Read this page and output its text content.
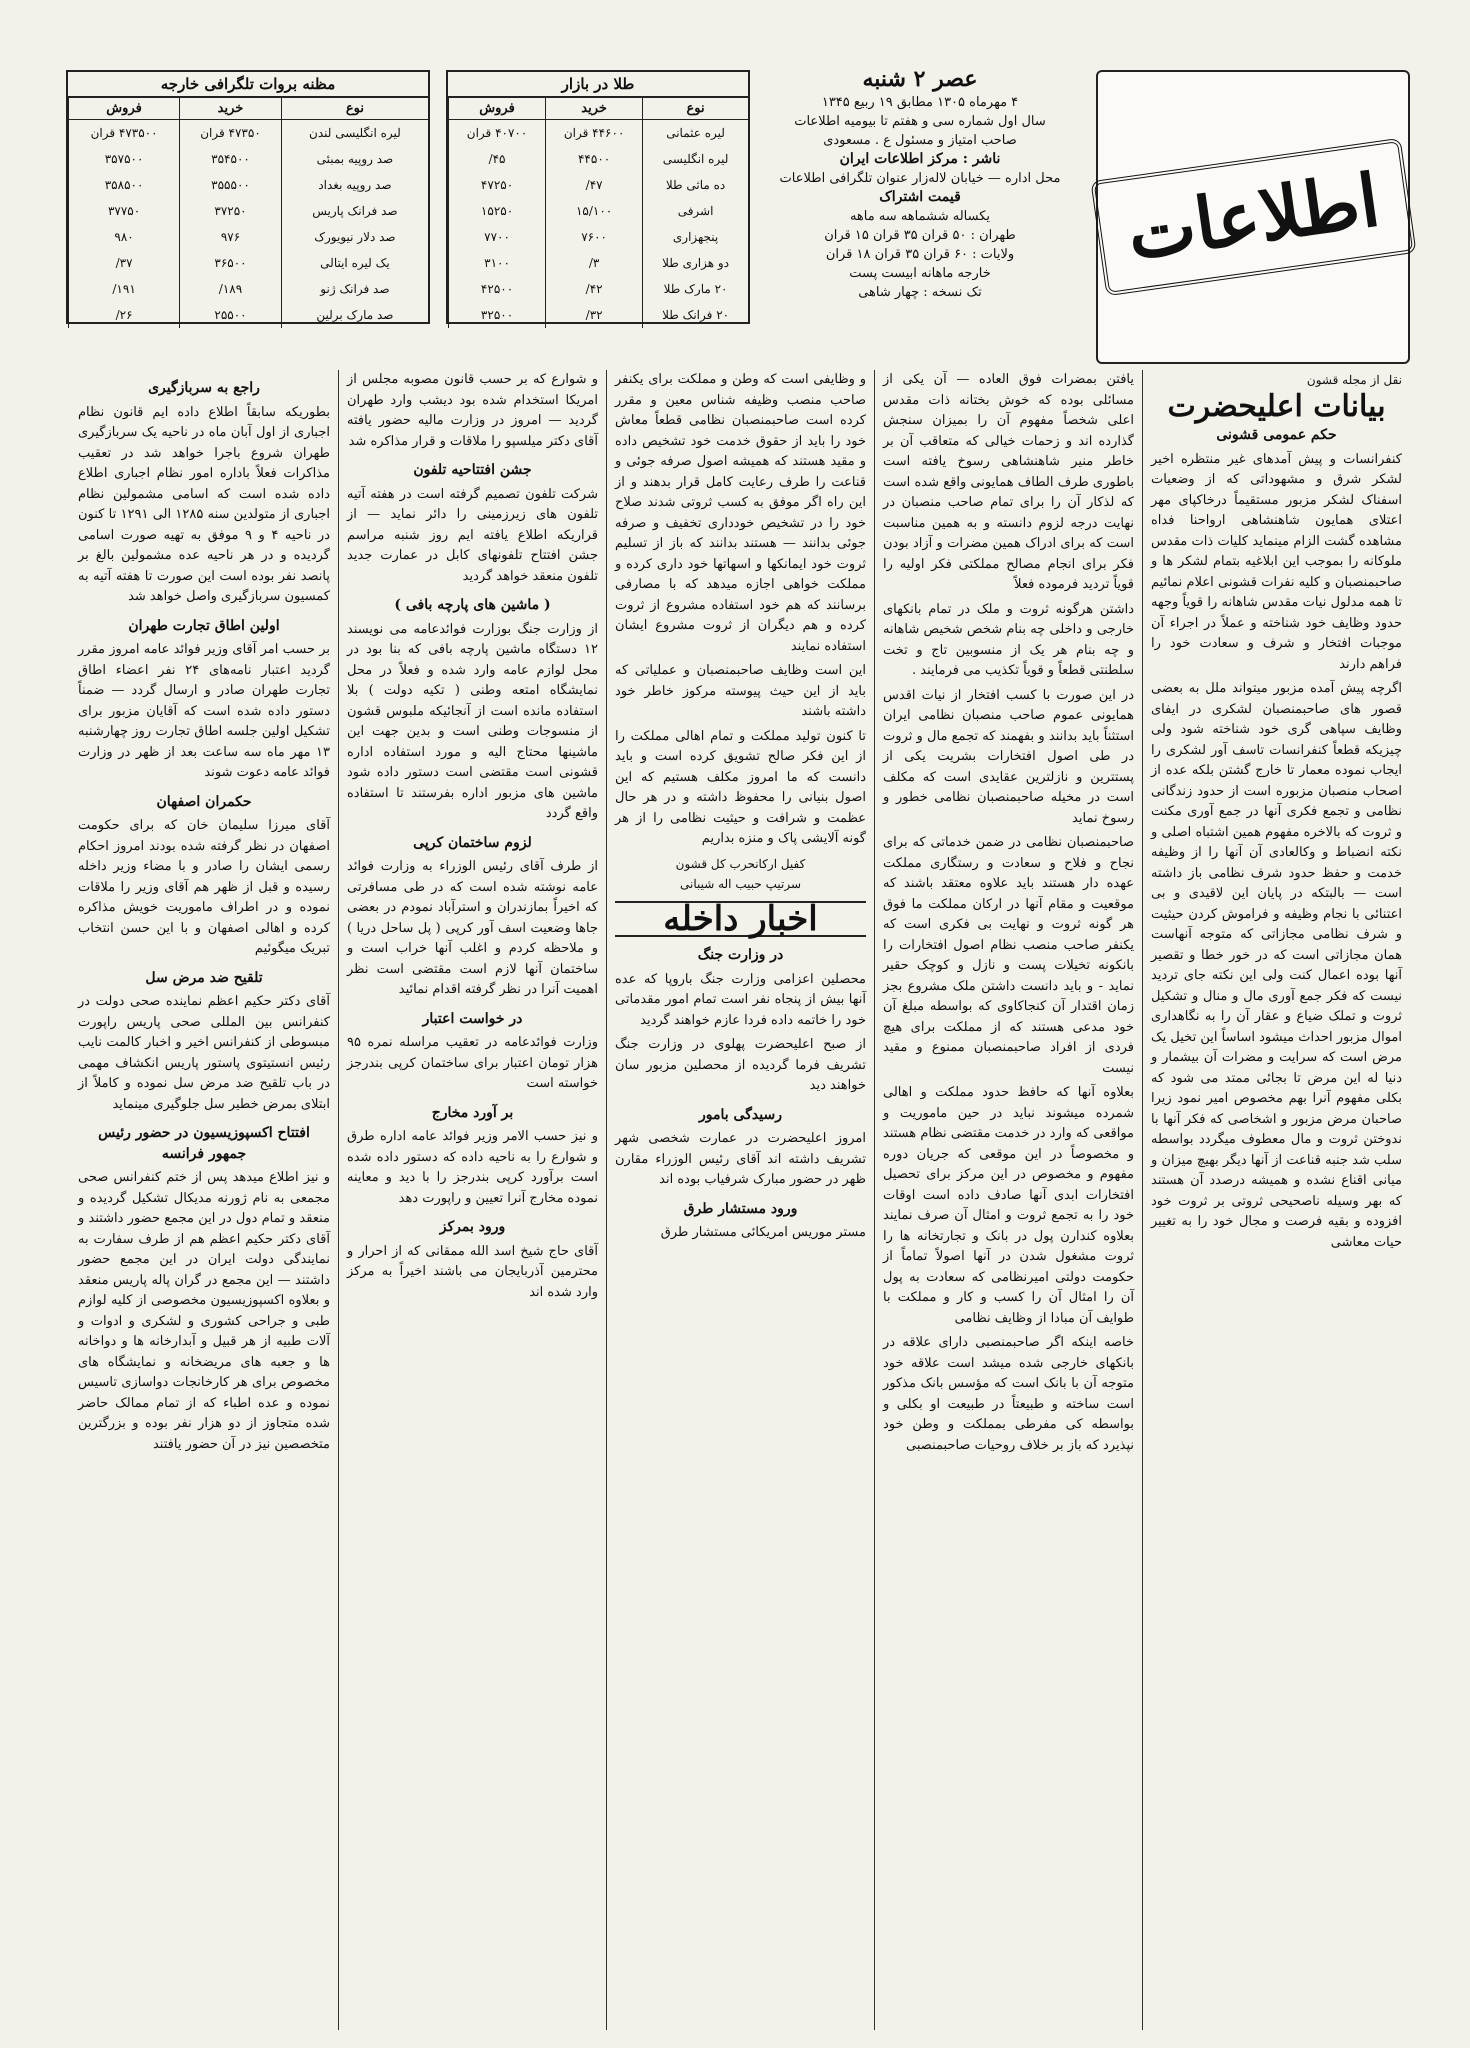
اطلاعات
عصر ۲ شنبه
۴ مهرماه ۱۳۰۵ مطابق ۱۹ ربیع ۱۳۴۵
سال اول شماره سی و هفتم تا بیومیه اطلاعات
صاحب امتیاز و مسئول ع . مسعودی
ناشر : مرکز اطلاعات ایران
محل اداره — خیابان لاله‌زار عنوان تلگرافی اطلاعات
قیمت اشتراک
یکساله ششماهه سه ماهه
طهران : ۵۰ قران ۳۵ قران ۱۵ قران
ولایات : ۶۰ قران ۳۵ قران ۱۸ قران
خارجه ماهانه ابیست پست
تک نسخه : چهار شاهی
طلا در بازار
نوع	خرید	فروش
لیره عثمانی	۴۴۶۰۰ قران	۴۰۷۰۰ قران
لیره انگلیسی	۴۴۵۰۰	۴۵/
ده ماثی طلا	۴۷/	۴۷۲۵۰
اشرفی	۱۵/۱۰۰	۱۵۲۵۰
پنجهزاری	۷۶۰۰	۷۷۰۰
دو هزاری طلا	۳/	۳۱۰۰
۲۰ مارک طلا	۴۲/	۴۲۵۰۰
۲۰ فرانک طلا	۳۲/	۳۲۵۰۰
مظنه بروات تلگرافی خارجه
نوع	خرید	فروش
لیره انگلیسی لندن	۴۷۳۵۰ قران	۴۷۳۵۰۰ قران
صد روپیه بمبئی	۳۵۴۵۰۰	۳۵۷۵۰۰
صد روپیه بغداد	۳۵۵۵۰۰	۳۵۸۵۰۰
صد فرانک پاریس	۳۷۲۵۰	۳۷۷۵۰
صد دلار نیویورک	۹۷۶	۹۸۰
یک لیره ایتالی	۳۶۵۰۰	۳۷/
صد فرانک ژنو	۱۸۹/	۱۹۱/
صد مارک برلین	۲۵۵۰۰	۲۶/
نقل از مجله قشون
بیانات اعلیحضرت
حکم عمومی قشونی

کنفرانسات و پیش آمدهای غیر منتظره اخیر لشکر شرق و مشهوداتی که از وضعیات اسفناک لشکر مزبور مستقیماً درخاکپای مهر اعتلای همایون شاهنشاهی ارواحنا فداه مشاهده گشت الزام مینماید کلیات ذات مقدس ملوکانه را بموجب این ابلاغیه بتمام لشکر ها و صاحبمنصبان و کلیه نفرات قشونی اعلام نمائیم تا همه مدلول نیات مقدس شاهانه را قویاً وجهه حدود وظایف خود شناخته و عملاً در اجراء آن موجبات افتخار و شرف و سعادت خود را فراهم دارند

اگرچه پیش آمده مزبور میتواند ملل به بعضی قصور های صاحبمنصبان لشکری در ایفای وظایف سپاهی گری خود شناخته شود ولی چیزیکه قطعاً کنفرانسات تاسف آور لشکری را ایجاب نموده معمار تا خارج گشتن بلکه عده از اصحاب منصبان مزبوره است از حدود زندگانی نظامی و تجمع فکری آنها در جمع آوری مکنت و ثروت که بالاخره مفهوم همین اشتباه اصلی و نکته انضباط و وکالعادی آن آنها را از وظیفه خدمت و حفظ حدود شرف نظامی باز داشته است — بالبتکه در پایان این لاقیدی و بی اعتنائی با نجام وظیفه و فراموش کردن حیثیت و شرف نظامی مجازاتی که متوجه آنهاست همان مجازاتی است که در خور خطا و تقصیر آنها بوده اعمال کنت ولی این نکته جای تردید نیست که فکر جمع آوری مال و منال و تشکیل ثروت و تملک ضیاع و عقار آن را به نگاهداری اموال مزبور احداث میشود اساساً این تخیل یک مرض است که سرایت و مضرات آن بیشمار و دنیا له این مرض تا بجائی ممتد می شود که بکلی مفهوم آنرا بهم مخصوص امیر نمود زیرا صاحبان مرض مزبور و اشخاصی که فکر آنها با ندوختن ثروت و مال معطوف میگردد بواسطه سلب شد جنبه قناعت از آنها دیگر بهیچ میزان و میانی اقناع نشده و همیشه درصدد آن هستند که بهر وسیله ناصحیحی ثروتی بر ثروت خود افزوده و بقیه فرصت و مجال خود را به تغییر حیات معاشی

یافتن بمضرات فوق العاده — آن یکی از مسائلی بوده که خوش بختانه ذات مقدس اعلی شخصاً مفهوم آن را بمیزان سنجش گذارده اند و زحمات خیالی که متعاقب آن بر خاطر منیر شاهنشاهی رسوخ یافته است باطوری طرف الطاف همایونی واقع شده است که لذکار آن را برای تمام صاحب منصبان در نهایت درجه لزوم دانسته و به همین مناسبت است که برای ادراک همین مضرات و آزاد بودن فکر برای انجام مصالح مملکتی فکر اولیه را قویاً تردید فرموده فعلاً

داشتن هرگونه ثروت و ملک در تمام بانکهای خارجی و داخلی چه بنام شخص شخیص شاهانه و چه بنام هر یک از منسوبین تاج و تخت سلطنتی قطعاً و قویاً تکذیب می فرمایند .

در این صورت با کسب افتخار از نیات اقدس همایونی عموم صاحب منصبان نظامی ایران استثناً باید بدانند و بفهمند که تجمع مال و ثروت در طی اصول افتخارات بشریت یکی از پستترین و نازلترین عقایدی است که مکلف است در مخیله صاحبمنصبان نظامی خطور و رسوخ نماید

صاحبمنصبان نظامی در ضمن خدماتی که برای نجاح و فلاح و سعادت و رستگاری مملکت عهده دار هستند باید علاوه معتقد باشند که موقعیت و مقام آنها در ارکان مملکت ما فوق هر گونه ثروت و نهایت بی فکری است که یکنفر صاحب منصب نظام اصول افتخارات را بانکونه تخیلات پست و نازل و کوچک حقیر نماید - و باید دانست داشتن ملک مشروع بجز زمان اقتدار آن کنجاکاوی که بواسطه مبلغ آن خود مدعی هستند که از مملکت برای هیچ فردی از افراد صاحبمنصبان ممنوع و مقید نیست

بعلاوه آنها که حافظ حدود مملکت و اهالی شمرده میشوند نباید در حین ماموریت و مواقعی که وارد در خدمت مقتضی نظام هستند و مخصوصاً در این موقعی که جریان دوره مفهوم و مخصوص در این مرکز برای تحصیل افتخارات ابدی آنها صادف داده است اوقات خود را به تجمع ثروت و امثال آن صرف نمایند بعلاوه کندارن پول در بانک و تجارتخانه ها را ثروت مشغول شدن در آنها اصولاً تماماً از حکومت دولتی امیرنظامی که سعادت به پول آن را امثال آن را کسب و کار و مملکت با طوایف آن مبادا از وظایف نظامی

خاصه اینکه اگر صاحبمنصبی دارای علاقه در بانکهای خارجی شده میشد است علاقه خود متوجه آن با بانک است که مؤسس بانک مذکور است ساخته و طبیعتاً در طبیعت او بکلی و بواسطه کی مفرطی بمملکت و وطن خود نپذیرد که باز بر خلاف روحیات صاحبمنصبی

و وظایفی است که وطن و مملکت برای یکنفر صاحب منصب وظیفه شناس معین و مقرر کرده است صاحبمنصبان نظامی قطعاً معاش خود را باید از حقوق خدمت خود تشخیص داده و مقید هستند که همیشه اصول صرفه جوئی و قناعت را طرف رعایت کامل قرار بدهند و از این راه اگر موفق به کسب ثروتی شدند صلاح خود را در تشخیص خودداری تخفیف و صرفه جوئی بدانند — هستند بدانند که باز از تسلیم ثروت خود ایمانکها و اسهاتها خود داری کرده و مملکت خواهی اجازه میدهد که با مصارفی برسانند که هم خود استفاده مشروع از ثروت کرده و هم دیگران از ثروت مشروع ایشان استفاده نمایند

این است وظایف صاحبمنصبان و عملیاتی که باید از این حیث پیوسته مرکوز خاطر خود داشته باشند

تا کنون تولید مملکت و تمام اهالی مملکت را از این فکر صالح تشویق کرده است و باید دانست که ما امروز مکلف هستیم که این اصول بنیانی را محفوظ داشته و در هر حال عظمت و شرافت و حیثیت نظامی را از هر گونه آلایشی پاک و منزه بداریم

کفیل ارکانحرب کل قشون
سرتیپ حبیب اله شیبانی
اخبار داخله
در وزارت جنگ

محصلین اعزامی وزارت جنگ باروپا که عده آنها بیش از پنجاه نفر است تمام امور مقدماتی خود را خاتمه داده فردا عازم خواهند گردید

از صبح اعلیحضرت پهلوی در وزارت جنگ تشریف فرما گردیده از محصلین مزبور سان خواهند دید

رسیدگی بامور

امروز اعلیحضرت در عمارت شخصی شهر تشریف داشته اند آقای رئیس الوزراء مقارن ظهر در حضور مبارک شرفیاب بوده اند

ورود مستشار طرق

مستر موریس امریکائی مستشار طرق

و شوارع که بر حسب قانون مصوبه مجلس از امریکا استخدام شده بود دیشب وارد طهران گردید — امروز در وزارت مالیه حضور یافته آقای دکتر میلسپو را ملاقات و قرار مذاکره شد

جشن افتتاحیه تلفون

شرکت تلفون تصمیم گرفته است در هفته آتیه تلفون های زیرزمینی را دائر نماید — از قراریکه اطلاع یافته ایم روز شنبه مراسم جشن افتتاح تلفونهای کابل در عمارت جدید تلفون منعقد خواهد گردید

( ماشین های پارچه بافی )

از وزارت جنگ بوزارت فوائدعامه می نویسند ۱۲ دستگاه ماشین پارچه بافی که بنا بود در محل لوازم عامه وارد شده و فعلاً در محل نمایشگاه امتعه وطنی ( تکیه دولت ) بلا استفاده مانده است از آنجائیکه ملبوس قشون از منسوجات وطنی است و بدین جهت این ماشینها محتاج الیه و مورد استفاده اداره قشونی است مقتضی است دستور داده شود ماشین های مزبور اداره بفرستند تا استفاده واقع گردد

لزوم ساختمان کرپی

از طرف آقای رئیس الوزراء به وزارت فوائد عامه نوشته شده است که در طی مسافرتی که اخیراً بمازندران و استرآباد نمودم در بعضی جاها وضعیت اسف آور کرپی ( پل ساحل دریا ) و ملاحظه کردم و اغلب آنها خراب است و ساختمان آنها لازم است مقتضی است نظر اهمیت آنرا در نظر گرفته اقدام نمائید

در خواست اعتبار

وزارت فوائدعامه در تعقیب مراسله نمره ۹۵ هزار تومان اعتبار برای ساختمان کرپی بندرجز خواسته است

بر آورد مخارج

و نیز حسب الامر وزیر فوائد عامه اداره طرق و شوارع را به ناحیه داده که دستور داده شده است برآورد کرپی بندرجز را با دید و معاینه نموده مخارج آنرا تعیین و راپورت دهد

ورود بمرکز

آقای حاج شیخ اسد الله ممقانی که از احرار و محترمین آذربایجان می باشند اخیراً به مرکز وارد شده اند

راجع به سربازگیری

بطوریکه سابقاً اطلاع داده ایم قانون نظام اجباری از اول آبان ماه در ناحیه یک سربازگیری طهران شروع باجرا خواهد شد در تعقیب مذاکرات فعلاً باداره امور نظام اجباری اطلاع داده شده است که اسامی مشمولین نظام اجباری از متولدین سنه ۱۲۸۵ الی ۱۲۹۱ تا کنون در ناحیه ۴ و ۹ موفق به تهیه صورت اسامی گردیده و در هر ناحیه عده مشمولین بالغ بر پانصد نفر بوده است این صورت تا هفته آتیه به کمسیون سربازگیری واصل خواهد شد

اولین اطاق تجارت طهران

بر حسب امر آقای وزیر فوائد عامه امروز مقرر گردید اعتبار نامه‌های ۲۴ نفر اعضاء اطاق تجارت طهران صادر و ارسال گردد — ضمناً دستور داده شده است که آقایان مزبور برای تشکیل اولین جلسه اطاق تجارت روز چهارشنبه ۱۳ مهر ماه سه ساعت بعد از ظهر در وزارت فوائد عامه دعوت شوند

حکمران اصفهان

آقای میرزا سلیمان خان که برای حکومت اصفهان در نظر گرفته شده بودند امروز احکام رسمی ایشان را صادر و با مضاء وزیر داخله رسیده و قبل از ظهر هم آقای وزیر را ملاقات نموده و در اطراف ماموریت خویش مذاکره کرده و اهالی اصفهان و با این حسن انتخاب تبریک میگوئیم

تلقیح ضد مرض سل

آقای دکتر حکیم اعظم نماینده صحی دولت در کنفرانس بین المللی صحی پاریس راپورت مبسوطی از کنفرانس اخیر و اخبار کالمت نایب رئیس انستیتوی پاستور پاریس انکشاف مهمی در باب تلقیح ضد مرض سل نموده و کاملاً از ابتلای بمرض خطیر سل جلوگیری مینماید

افتتاح اکسپوزیسیون در حضور رئیس جمهور فرانسه

و نیز اطلاع میدهد پس از ختم کنفرانس صحی مجمعی به نام ژورنه مدیکال تشکیل گردیده و منعقد و تمام دول در این مجمع حضور داشتند و آقای دکتر حکیم اعظم هم از طرف سفارت به نمایندگی دولت ایران در این مجمع حضور داشتند — این مجمع در گران پاله پاریس منعقد و بعلاوه اکسپوزیسیون مخصوصی از کلیه لوازم طبی و جراحی کشوری و لشکری و ادوات و آلات طبیه از هر قبیل و آبدارخانه ها و دواخانه ها و جعبه های مریضخانه و نمایشگاه های مخصوص برای هر کارخانجات دواسازی تاسیس نموده و عده اطباء که از تمام ممالک حاضر شده متجاوز از دو هزار نفر بوده و بزرگترین متخصصین نیز در آن حضور یافتند
